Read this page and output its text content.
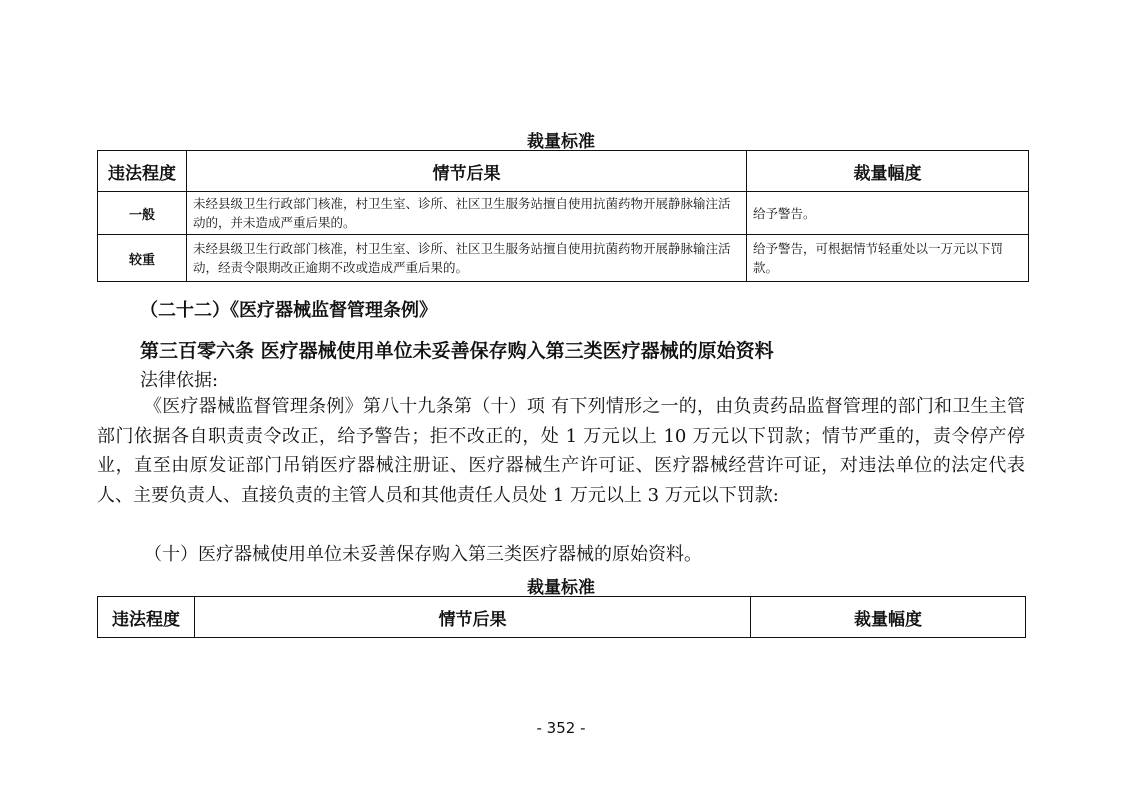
裁量标准
违法程度	情节后果	裁量幅度
一般	未经县级卫生行政部门核准，村卫生室、诊所、社区卫生服务站擅自使用抗菌药物开展静脉输注活动的，并未造成严重后果的。	给予警告。
较重	未经县级卫生行政部门核准，村卫生室、诊所、社区卫生服务站擅自使用抗菌药物开展静脉输注活动，经责令限期改正逾期不改或造成严重后果的。	给予警告，可根据情节轻重处以一万元以下罚款。
（二十二）《医疗器械监督管理条例》
第三百零六条 医疗器械使用单位未妥善保存购入第三类医疗器械的原始资料
法律依据:
《医疗器械监督管理条例》第八十九条第（十）项 有下列情形之一的，由负责药品监督管理的部门和卫生主管部门依据各自职责责令改正，给予警告；拒不改正的，处 1 万元以上 10 万元以下罚款；情节严重的，责令停产停业，直至由原发证部门吊销医疗器械注册证、医疗器械生产许可证、医疗器械经营许可证，对违法单位的法定代表人、主要负责人、直接负责的主管人员和其他责任人员处 1 万元以上 3 万元以下罚款:
（十）医疗器械使用单位未妥善保存购入第三类医疗器械的原始资料。
裁量标准
违法程度	情节后果	裁量幅度
- 352 -
